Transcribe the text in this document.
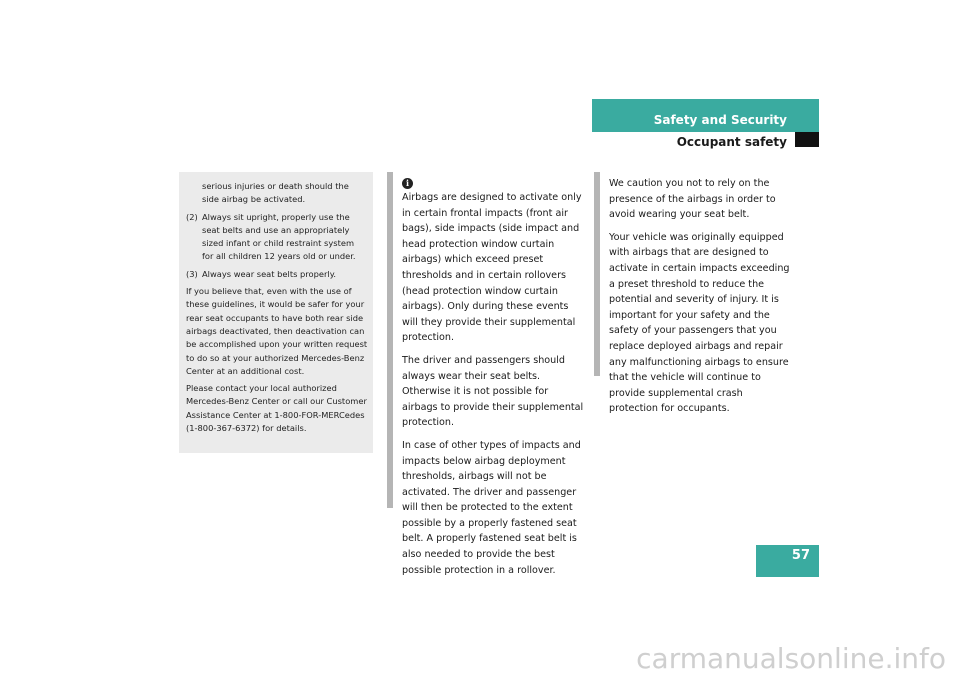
Safety and Security
Occupant safety

serious injuries or death should the side airbag be activated.

(2) Always sit upright, properly use the seat belts and use an appropriately sized infant or child restraint system for all children 12 years old or under.

(3) Always wear seat belts properly.

If you believe that, even with the use of these guidelines, it would be safer for your rear seat occupants to have both rear side airbags deactivated, then deactivation can be accomplished upon your written request to do so at your authorized Mercedes-Benz Center at an additional cost.

Please contact your local authorized Mercedes-Benz Center or call our Customer Assistance Center at 1-800-FOR-MERCedes (1-800-367-6372) for details.

i

Airbags are designed to activate only in certain frontal impacts (front air bags), side impacts (side impact and head protection window curtain airbags) which exceed preset thresholds and in certain rollovers (head protection window curtain airbags). Only during these events will they provide their supplemental protection.

The driver and passengers should always wear their seat belts. Otherwise it is not possible for airbags to provide their supplemental protection.

In case of other types of impacts and impacts below airbag deployment thresholds, airbags will not be activated. The driver and passenger will then be protected to the extent possible by a properly fastened seat belt. A properly fastened seat belt is also needed to provide the best possible protection in a rollover.

We caution you not to rely on the presence of the airbags in order to avoid wearing your seat belt.

Your vehicle was originally equipped with airbags that are designed to activate in certain impacts exceeding a preset threshold to reduce the potential and severity of injury. It is important for your safety and the safety of your passengers that you replace deployed airbags and repair any malfunctioning airbags to ensure that the vehicle will continue to provide supplemental crash protection for occupants.

57
carmanualsonline.info
